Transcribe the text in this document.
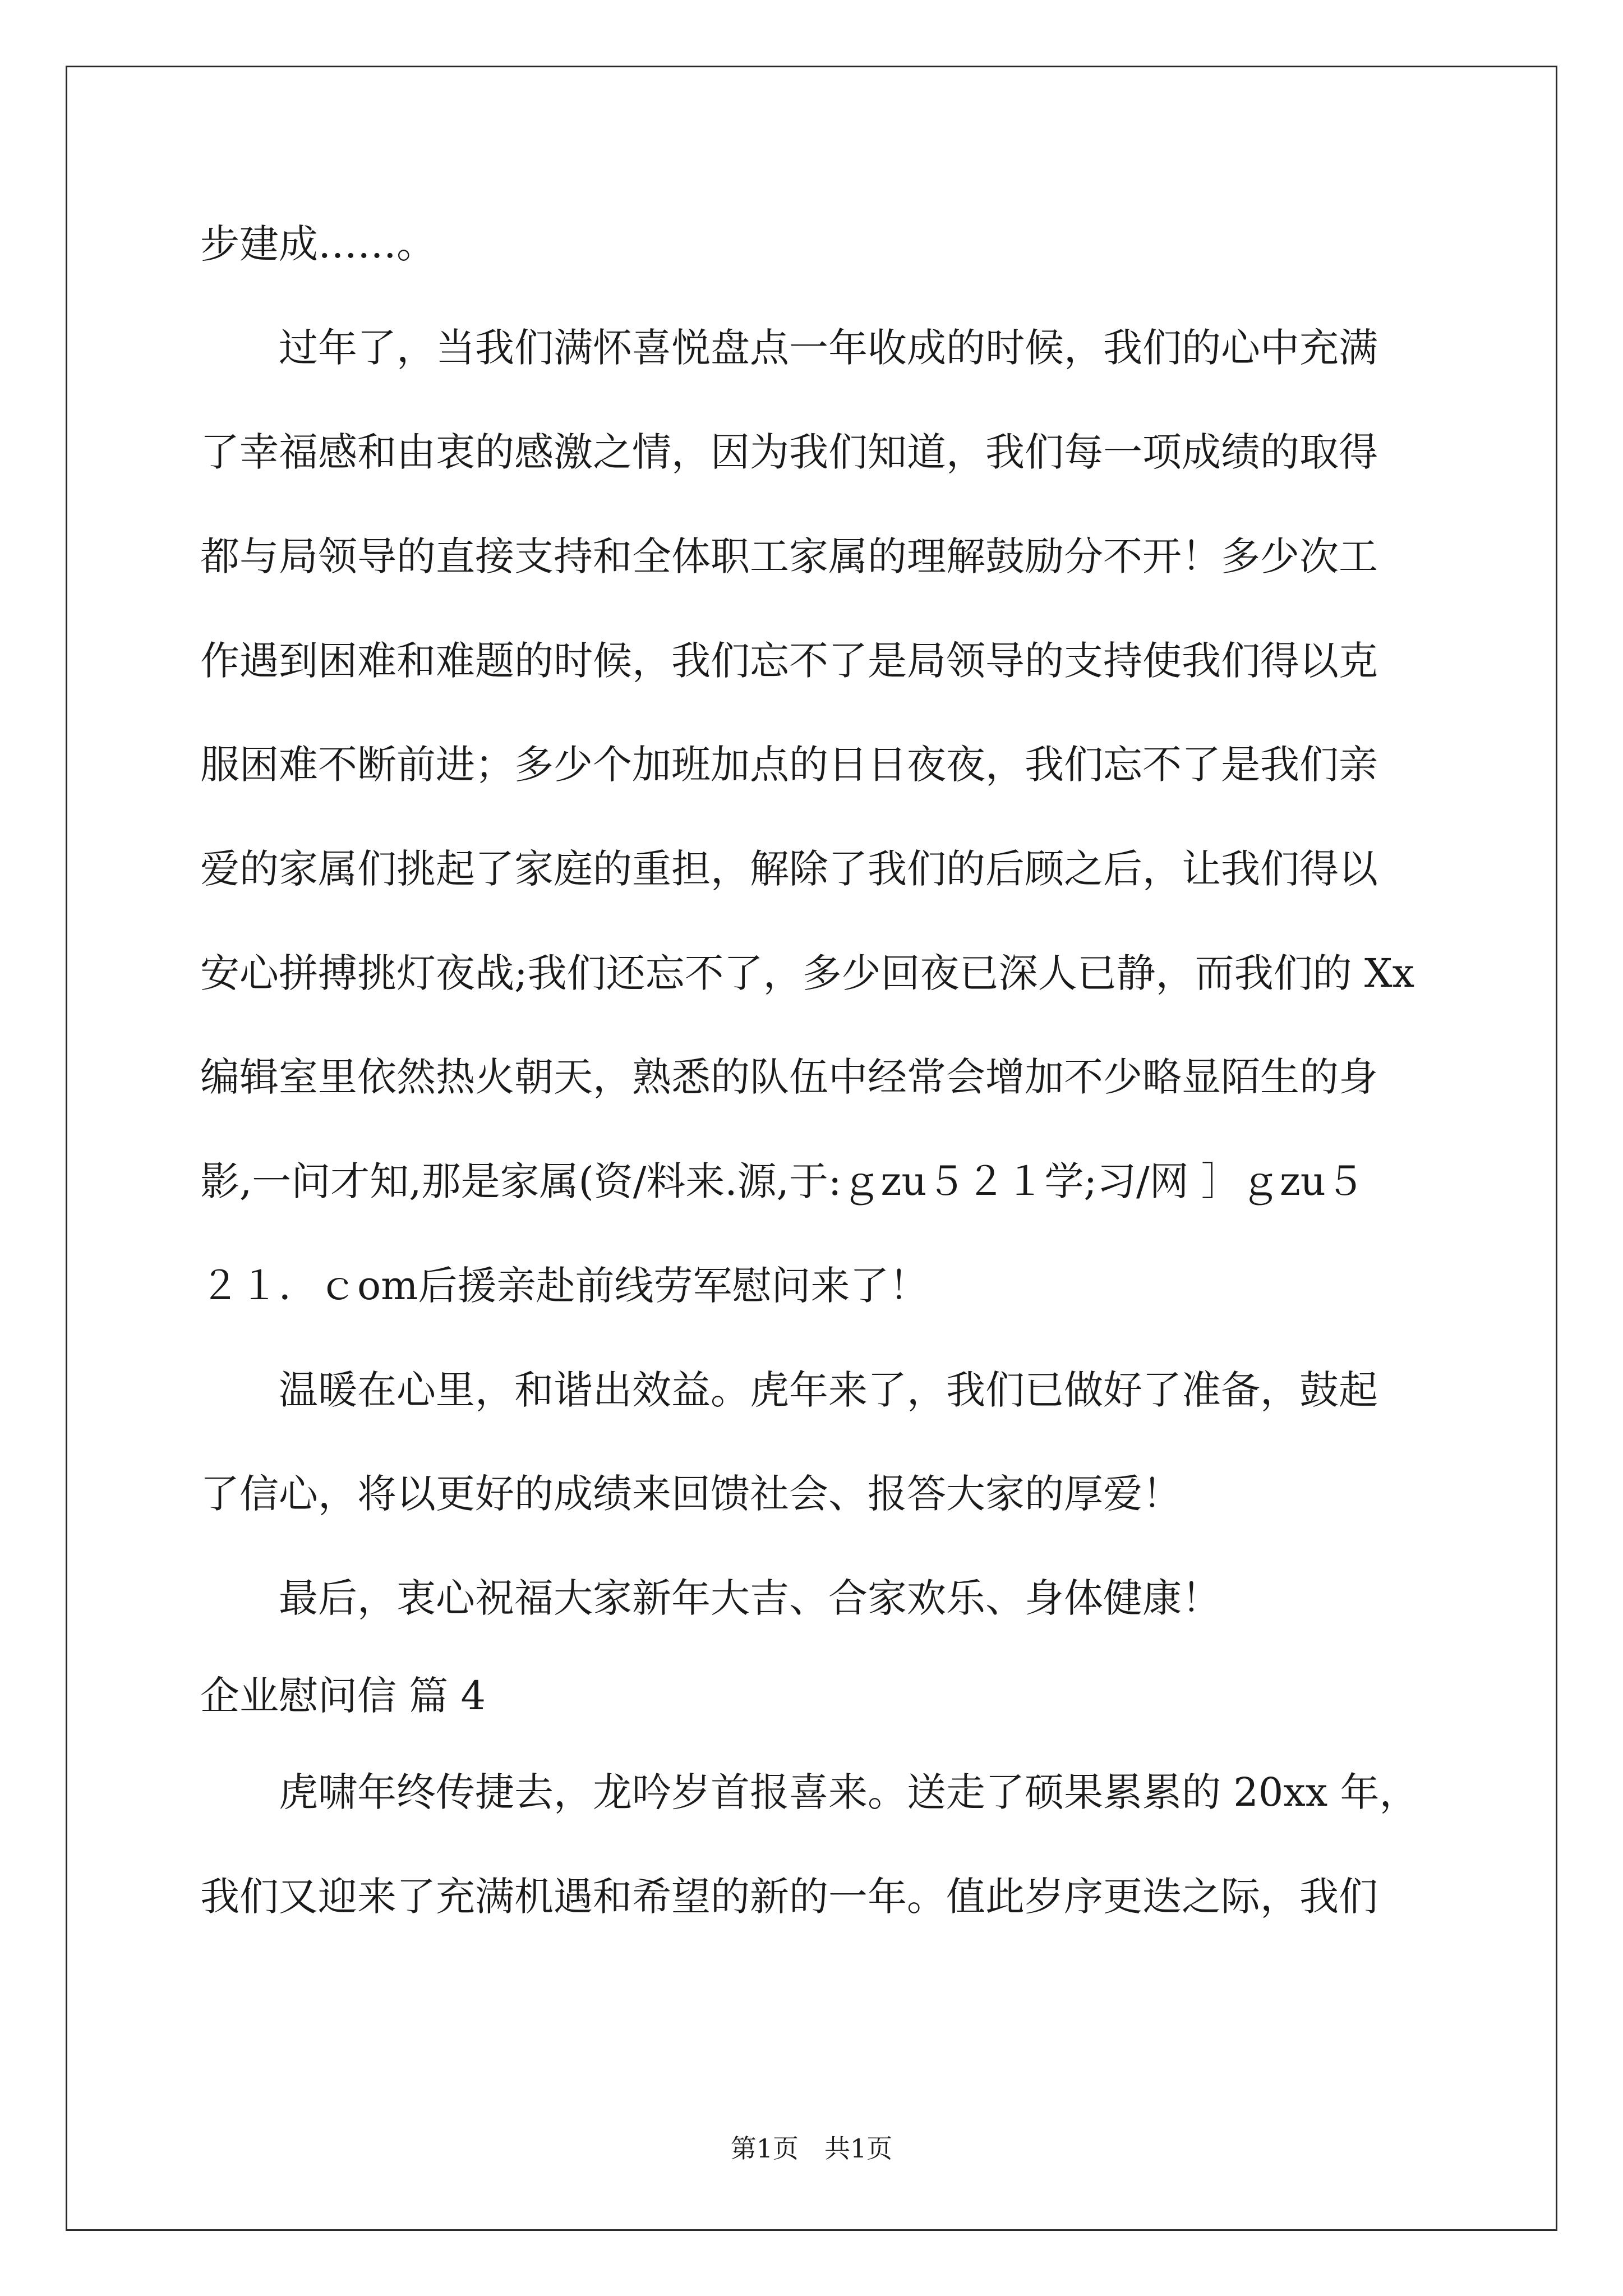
步建成……。
　　过年了，当我们满怀喜悦盘点一年收成的时候，我们的心中充满
了幸福感和由衷的感激之情，因为我们知道，我们每一项成绩的取得
都与局领导的直接支持和全体职工家属的理解鼓励分不开！多少次工
作遇到困难和难题的时候，我们忘不了是局领导的支持使我们得以克
服困难不断前进；多少个加班加点的日日夜夜，我们忘不了是我们亲
爱的家属们挑起了家庭的重担，解除了我们的后顾之后，让我们得以
安心拼搏挑灯夜战;我们还忘不了，多少回夜已深人已静，而我们的 Xx
编辑室里依然热火朝天，熟悉的队伍中经常会增加不少略显陌生的身
影,一问才知,那是家属(资/料来.源,于:ｇzu５２１学;习/网 ］ｇzu５
２１．ｃom后援亲赴前线劳军慰问来了！
　　温暖在心里，和谐出效益。虎年来了，我们已做好了准备，鼓起
了信心，将以更好的成绩来回馈社会、报答大家的厚爱！
　　最后，衷心祝福大家新年大吉、合家欢乐、身体健康！
企业慰问信 篇 4
　　虎啸年终传捷去，龙吟岁首报喜来。送走了硕果累累的 20xx 年，
我们又迎来了充满机遇和希望的新的一年。值此岁序更迭之际，我们
第1页　共1页
